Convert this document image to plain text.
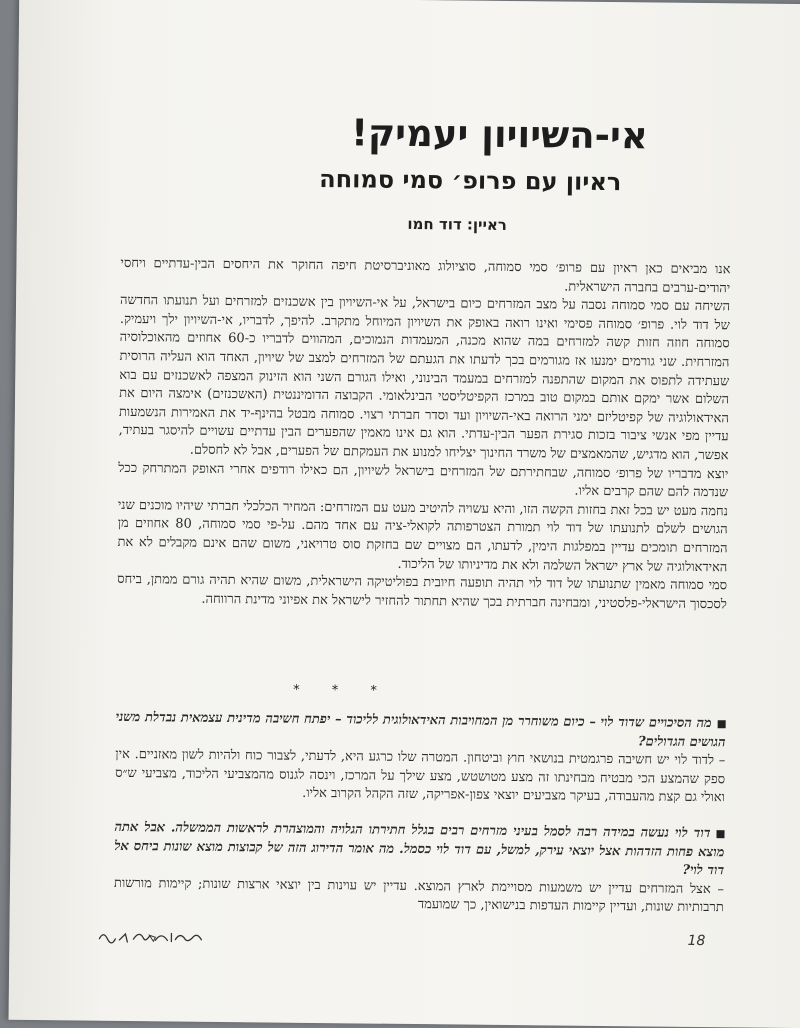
אי-השיויון יעמיק!
ראיון עם פרופ׳ סמי סמוחה
ראיין: דוד חמו

אנו מביאים כאן ראיון עם פרופ׳ סמי סמוחה, סוציולוג מאוניברסיטת חיפה החוקר את היחסים הבין-עדתיים ויחסי יהודים-ערבים בחברה הישראלית.

השיחה עם סמי סמוחה נסבה על מצב המזרחים כיום בישראל, על אי-השיויון בין אשכנזים למזרחים ועל תנועתו החדשה של דוד לוי. פרופ׳ סמוחה פסימי ואינו רואה באופק את השיויון המיוחל מתקרב. להיפך, לדבריו, אי-השיויון ילך ויעמיק. סמוחה חוזה חזות קשה למזרחים במה שהוא מכנה, המעמדות הנמוכים, המהווים לדבריו כ-60 אחוזים מהאוכלוסיה המזרחית. שני גורמים ימנעו אז מגורמים בכך לדעתו את הגעתם של המזרחים למצב של שיויון, האחד הוא העליה הרוסית שעתידה לתפוס את המקום שהתפנה למזרחים במעמד הבינוני, ואילו הגורם השני הוא הזינוק המצפה לאשכנזים עם בוא השלום אשר ימקם אותם במקום טוב במרכז הקפיטליסטי הבינלאומי. הקבוצה הדומיננטית (האשכנזים) אימצה היום את האידאולוגיה של קפיטליזם ימני הרואה באי-השיויון ועד וסדר חברתי רצוי. סמוחה מבטל בהינף-יד את האמירות הנשמעות עדיין מפי אנשי ציבור בזכות סגירת הפער הבין-עדתי. הוא גם אינו מאמין שהפערים הבין עדתיים עשויים להיסגר בעתיד, אפשר, הוא מדגיש, שהמאמצים של משרד החינוך יצליחו למנוע את העמקתם של הפערים, אבל לא לחסלם.

יוצא מדבריו של פרופ׳ סמוחה, שבחתירתם של המזרחים בישראל לשיויון, הם כאילו רודפים אחרי האופק המתרחק ככל שנדמה להם שהם קרבים אליו.

נחמה מעט יש בכל זאת בחזות הקשה הזו, והיא עשויה להיטיב מעט עם המזרחים: המחיר הכלכלי חברתי שיהיו מוכנים שני הגושים לשלם לתנועתו של דוד לוי תמורת הצטרפותה לקואלי-ציה עם אחד מהם. על-פי סמי סמוחה, 80 אחוזים מן המזרחים תומכים עדיין במפלגות הימין, לדעתו, הם מצויים שם בחזקת סוס טרויאני, משום שהם אינם מקבלים לא את האידאולוגיה של ארץ ישראל השלמה ולא את מדיניותו של הליכוד.

סמי סמוחה מאמין שתנועתו של דוד לוי תהיה תופעה חיובית בפוליטיקה הישראלית, משום שהיא תהיה גורם ממתן, ביחס לסכסוך הישראלי-פלסטיני, ומבחינה חברתית בכך שהיא תחתור להחזיר לישראל את אפיוני מדינת הרווחה.

* * *

מה הסיכויים שדוד לוי – כיום משוחרר מן המחויבות האידאולוגית לליכוד – יפתח חשיבה מדינית עצמאית נבדלת משני הגושים הגדולים?

– לדוד לוי יש חשיבה פרגמטית בנושאי חוץ וביטחון. המטרה שלו כרגע היא, לדעתי, לצבור כוח ולהיות לשון מאזניים. אין ספק שהמצע הכי מבטיח מבחינתו זה מצע מטושטש, מצע שילך על המרכז, וינסה לגנוס מהמצביעי הליכוד, מצביעי ש״ס ואולי גם קצת מהעבודה, בעיקר מצביעים יוצאי צפון-אפריקה, שזה הקהל הקרוב אליו.

דוד לוי נעשה במידה רבה לסמל בעיני מזרחים רבים בגלל חתירתו הגלויה והמוצהרת לראשות הממשלה. אבל אתה מוצא פחות הזדהות אצל יוצאי עירק, למשל, עם דוד לוי כסמל. מה אומר הדירוג הזה של קבוצות מוצא שונות ביחס אל דוד לוי?

– אצל המזרחים עדיין יש משמעות מסויימת לארץ המוצא. עדיין יש עוינות בין יוצאי ארצות שונות; קיימות מורשות תרבותיות שונות, ועדיין קיימות העדפות בנישואין, כך שמועמד

18
